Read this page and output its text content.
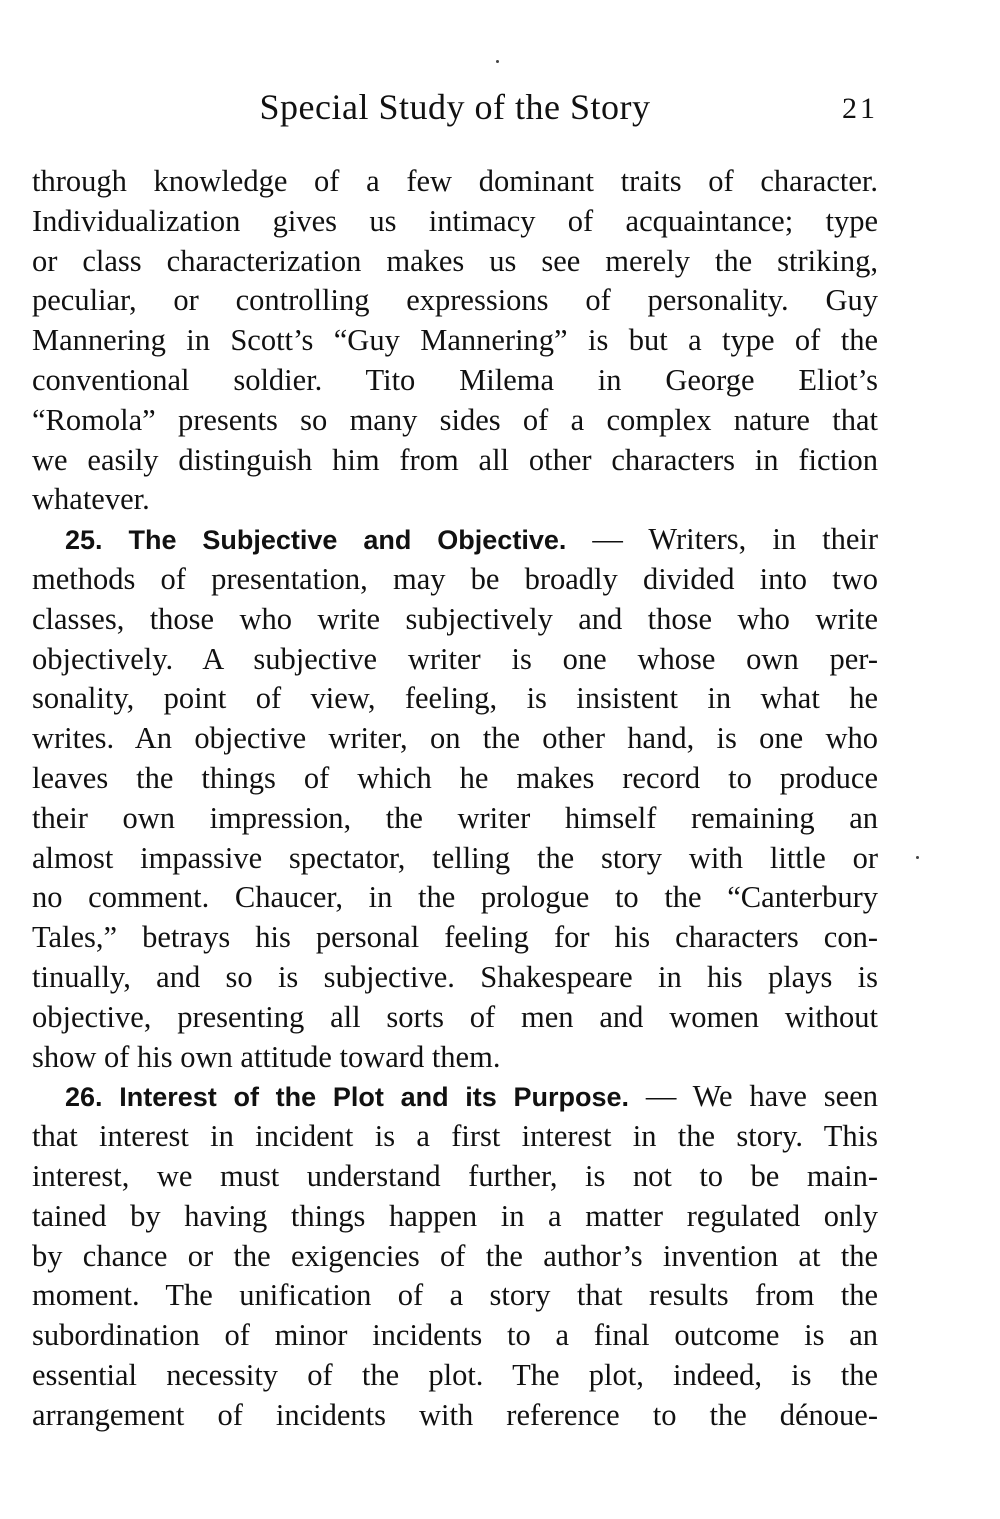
Special Study of the Story	21
through knowledge of a few dominant traits of character.
Individualization gives us intimacy of acquaintance; type
or class characterization makes us see merely the striking,
peculiar, or controlling expressions of personality. Guy
Mannering in Scott’s “Guy Mannering” is but a type of the
conventional soldier. Tito Milema in George Eliot’s
“Romola” presents so many sides of a complex nature that
we easily distinguish him from all other characters in fiction
whatever.
25. The Subjective and Objective. — Writers, in their
methods of presentation, may be broadly divided into two
classes, those who write subjectively and those who write
objectively. A subjective writer is one whose own per-
sonality, point of view, feeling, is insistent in what he
writes. An objective writer, on the other hand, is one who
leaves the things of which he makes record to produce
their own impression, the writer himself remaining an
almost impassive spectator, telling the story with little or
no comment. Chaucer, in the prologue to the “Canterbury
Tales,” betrays his personal feeling for his characters con-
tinually, and so is subjective. Shakespeare in his plays is
objective, presenting all sorts of men and women without
show of his own attitude toward them.
26. Interest of the Plot and its Purpose. — We have seen
that interest in incident is a first interest in the story. This
interest, we must understand further, is not to be main-
tained by having things happen in a matter regulated only
by chance or the exigencies of the author’s invention at the
moment. The unification of a story that results from the
subordination of minor incidents to a final outcome is an
essential necessity of the plot. The plot, indeed, is the
arrangement of incidents with reference to the dénoue-
